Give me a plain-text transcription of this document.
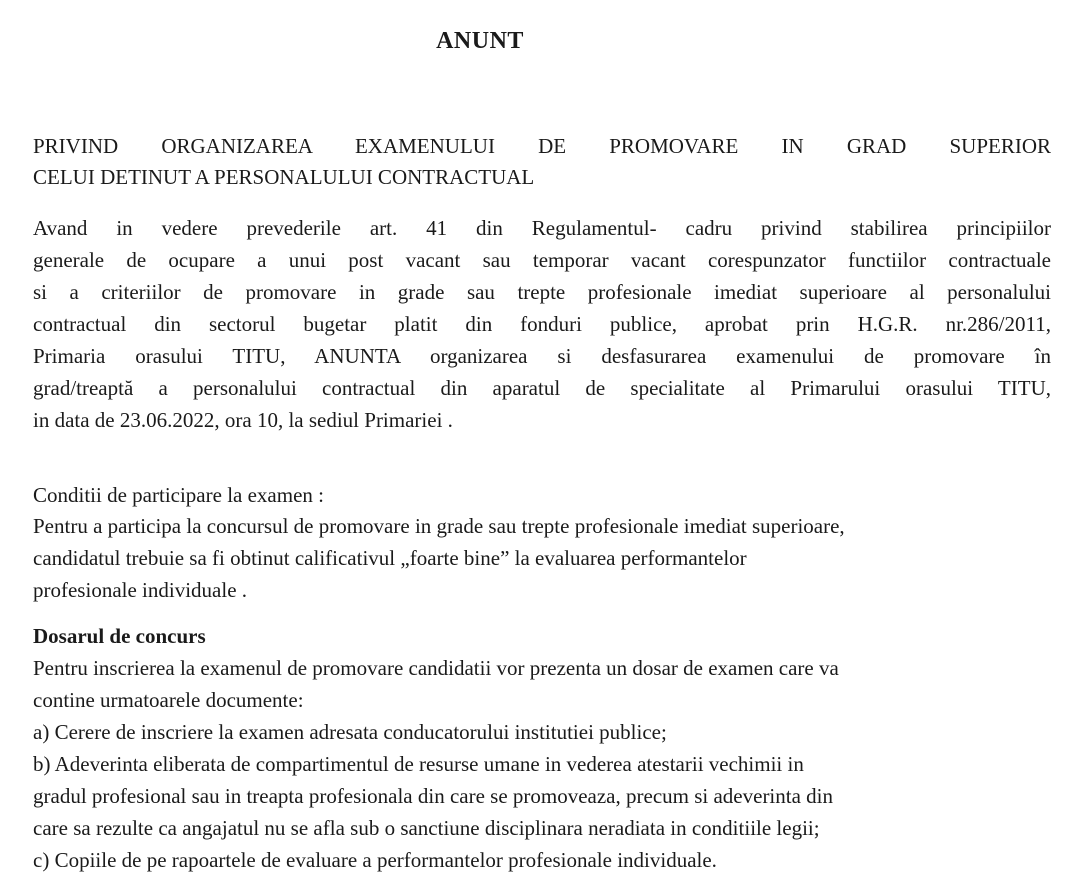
ANUNT

PRIVIND ORGANIZAREA EXAMENULUI DE PROMOVARE IN GRAD SUPERIOR

CELUI DETINUT A PERSONALULUI CONTRACTUAL

Avand in vedere prevederile art. 41 din Regulamentul- cadru privind stabilirea principiilor

generale de ocupare a unui post vacant sau temporar vacant corespunzator functiilor contractuale

si a criteriilor de promovare in grade sau trepte profesionale imediat superioare al personalului

contractual din sectorul bugetar platit din fonduri publice, aprobat prin H.G.R. nr.286/2011,

Primaria orasului TITU, ANUNTA organizarea si desfasurarea examenului de promovare în

grad/treaptă a personalului contractual din aparatul de specialitate al Primarului orasului TITU,

in data de 23.06.2022, ora 10, la sediul Primariei .

Conditii de participare la examen :

Pentru a participa la concursul de promovare in grade sau trepte profesionale imediat superioare,

candidatul trebuie sa fi obtinut calificativul „foarte bine” la evaluarea performantelor

profesionale individuale .

Dosarul de concurs

Pentru inscrierea la examenul de promovare candidatii vor prezenta un dosar de examen care va

contine urmatoarele documente:

a) Cerere de inscriere la examen adresata conducatorului institutiei publice;

b) Adeverinta eliberata de compartimentul de resurse umane in vederea atestarii vechimii in

gradul profesional sau in treapta profesionala din care se promoveaza, precum si adeverinta din

care sa rezulte ca angajatul nu se afla sub o sanctiune disciplinara neradiata in conditiile legii;

c) Copiile de pe rapoartele de evaluare a performantelor profesionale individuale.
